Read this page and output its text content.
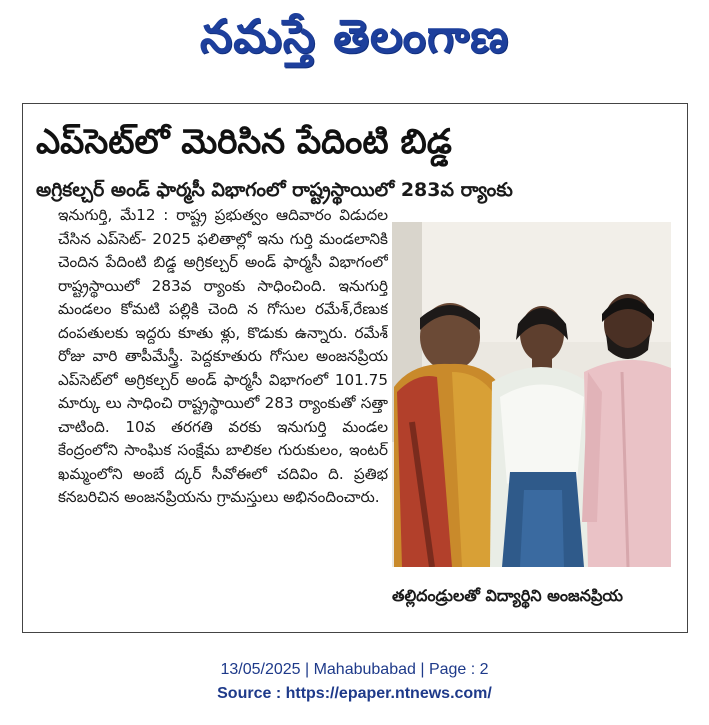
నమస్తే తెలంగాణ
ఎప్‌సెట్‌లో మెరిసిన పేదింటి బిడ్డ
అగ్రికల్చర్ అండ్ ఫార్మసీ విభాగంలో రాష్ట్రస్థాయిలో 283వ ర్యాంకు
ఇనుగుర్తి, మే12 : రాష్ట్ర ప్రభుత్వం ఆదివారం విడుదల చేసిన ఎప్‌సెట్- 2025 ఫలితాల్లో ఇను గుర్తి మండలానికి చెందిన పేదింటి బిడ్డ అగ్రికల్చర్ అండ్ ఫార్మసీ విభాగంలో రాష్ట్రస్థాయిలో 283వ ర్యాంకు సాధించింది. ఇనుగుర్తి మండలం కోమటి పల్లికి చెంది న గోసుల రమేశ్,రేణుక దంపతులకు ఇద్దరు కూతు ళ్లు, కొడుకు ఉన్నారు. రమేశ్ రోజు వారి తాపీమేస్త్రీ. పెద్దకూతురు గోసుల అంజనప్రియ ఎప్‌సెట్‌లో అగ్రికల్చర్ అండ్ ఫార్మసీ విభాగంలో 101.75 మార్కు లు సాధించి రాష్ట్రస్థాయిలో 283 ర్యాంకుతో సత్తా చాటింది. 10వ తరగతి వరకు ఇనుగుర్తి మండల కేంద్రంలోని సాంఘిక సంక్షేమ బాలికల గురుకులం, ఇంటర్ ఖమ్మంలోని అంబే ద్కర్ సీవోఈలో చదివిం ది. ప్రతిభ కనబరిచిన అంజనప్రియను గ్రామస్తులు అభినందించారు.
తల్లిదండ్రులతో విద్యార్థిని అంజనప్రియ
13/05/2025 | Mahabubabad | Page : 2
Source : https://epaper.ntnews.com/
